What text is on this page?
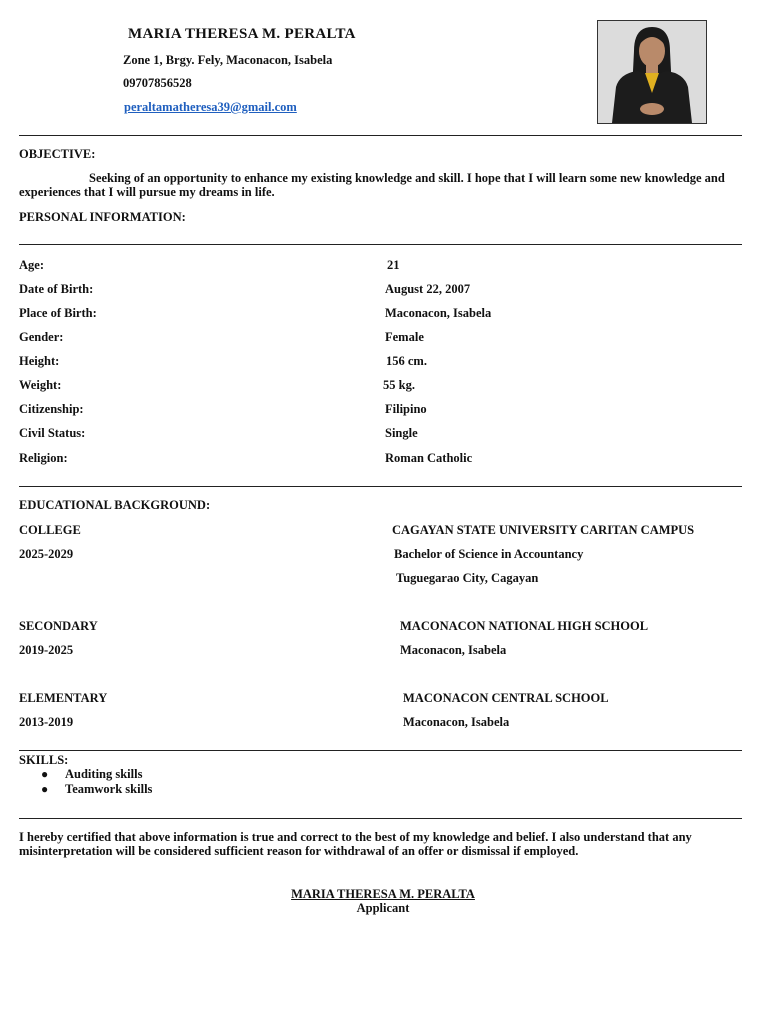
MARIA THERESA M. PERALTA
Zone 1, Brgy. Fely, Maconacon, Isabela
09707856528
peraltamatheresa39@gmail.com
OBJECTIVE:
Seeking of an opportunity to enhance my existing knowledge and skill. I hope that I will learn some new knowledge and experiences that I will pursue my dreams in life.
PERSONAL INFORMATION:
Age:	21
Date of Birth:	August 22, 2007
Place of Birth:	Maconacon, Isabela
Gender:	Female
Height:	156 cm.
Weight:	55 kg.
Citizenship:	Filipino
Civil Status:	Single
Religion:	Roman Catholic
EDUCATIONAL BACKGROUND:
COLLEGE	CAGAYAN STATE UNIVERSITY CARITAN CAMPUS
2025-2029	Bachelor of Science in Accountancy
Tuguegarao City, Cagayan
SECONDARY	MACONACON NATIONAL HIGH SCHOOL
2019-2025	Maconacon, Isabela
ELEMENTARY	MACONACON CENTRAL SCHOOL
2013-2019	Maconacon, Isabela
SKILLS:
● Auditing skills
● Teamwork skills
I hereby certified that above information is true and correct to the best of my knowledge and belief. I also understand that any misinterpretation will be considered sufficient reason for withdrawal of an offer or dismissal if employed.
MARIA THERESA M. PERALTA
Applicant
